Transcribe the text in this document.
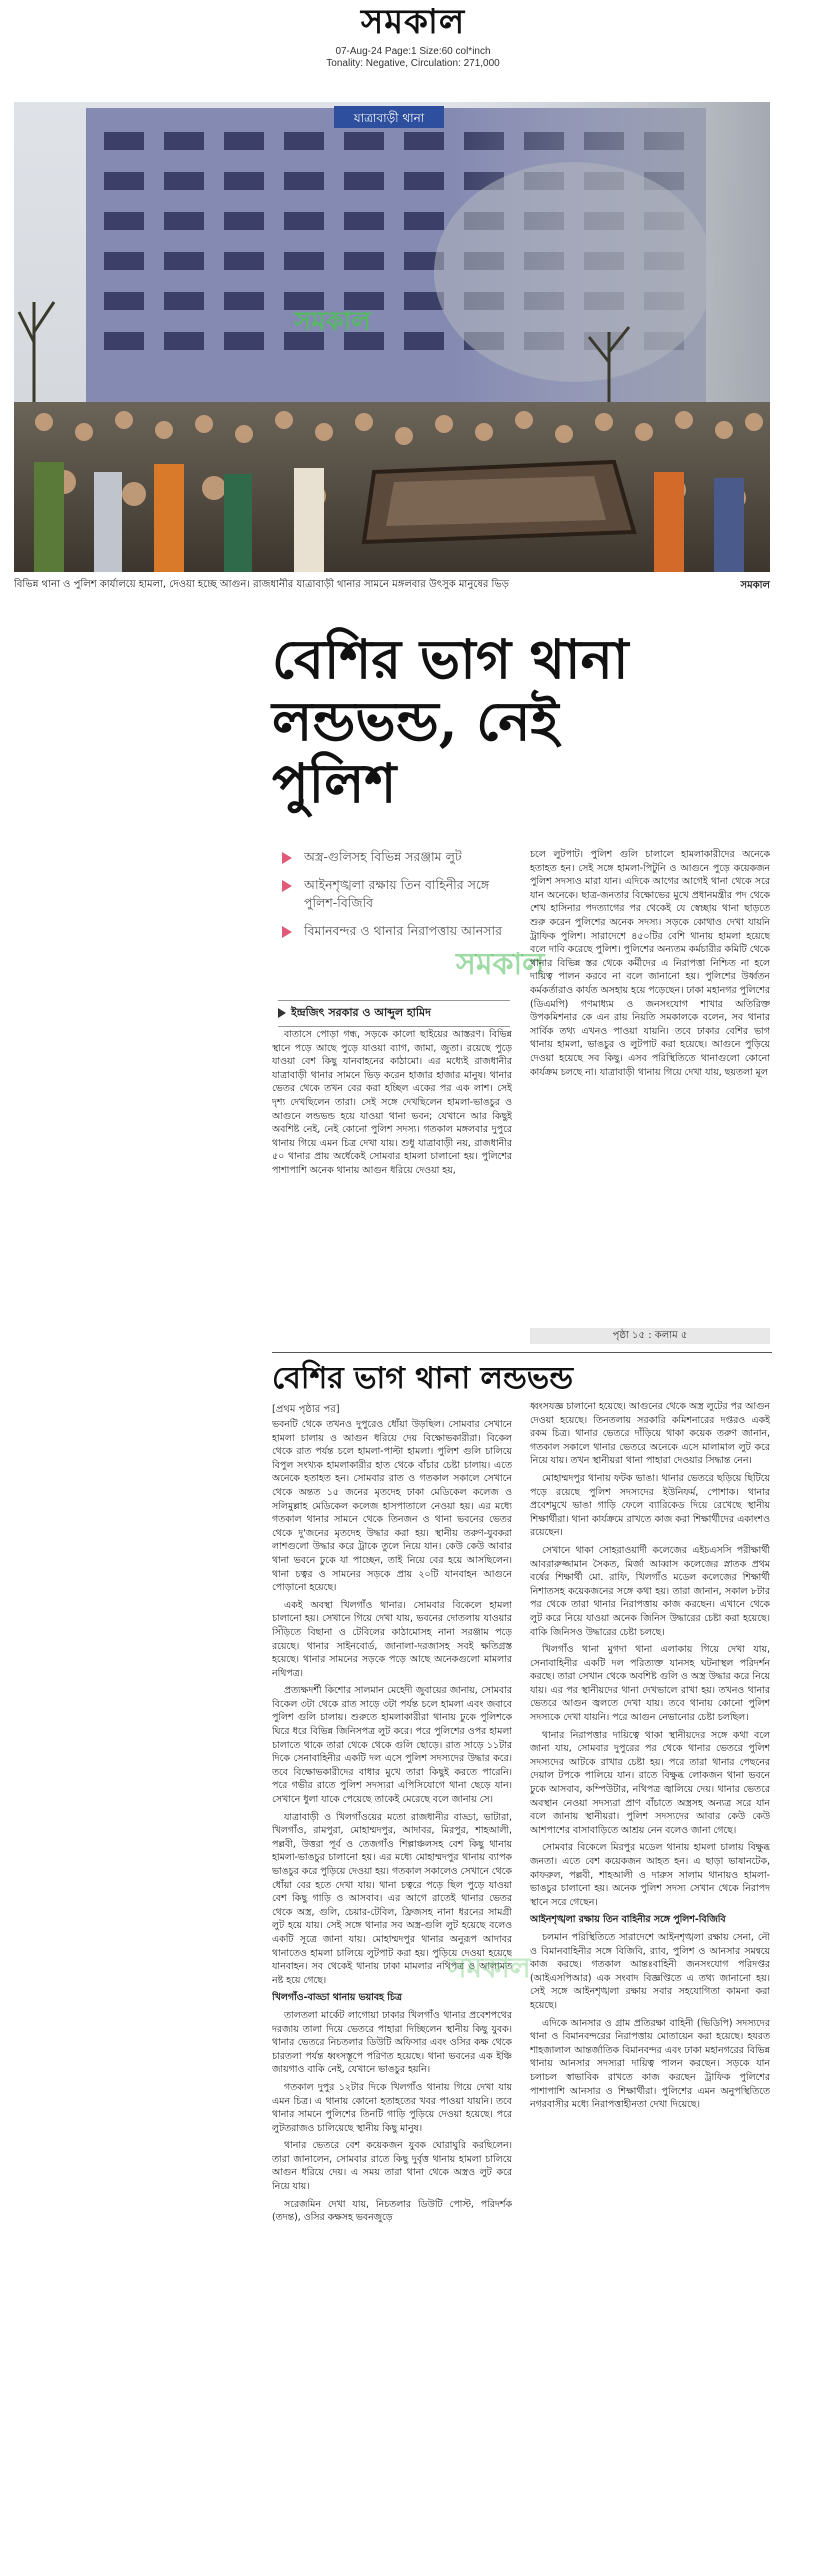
সমকাল
07-Aug-24 Page:1 Size:60 col*inch
Tonality: Negative, Circulation: 271,000
যাত্রাবাড়ী থানা
সমকাল
বিভিন্ন থানা ও পুলিশ কার্যালয়ে হামলা, দেওয়া হচ্ছে আগুন। রাজধানীর যাত্রাবাড়ী থানার সামনে মঙ্গলবার উৎসুক মানুষের ভিড়	সমকাল
বেশির ভাগ থানা লন্ডভন্ড, নেই পুলিশ
অস্ত্র-গুলিসহ বিভিন্ন সরঞ্জাম লুট
আইনশৃঙ্খলা রক্ষায় তিন বাহিনীর সঙ্গে পুলিশ-বিজিবি
বিমানবন্দর ও থানার নিরাপত্তায় আনসার
সমকাল
ইন্দ্রজিৎ সরকার ও আব্দুল হামিদ

বাতাসে পোড়া গন্ধ, সড়কে কালো ছাইয়ের আস্তরণ। বিভিন্ন স্থানে পড়ে আছে পুড়ে যাওয়া ব্যাগ, জামা, জুতা। রয়েছে পুড়ে যাওয়া বেশ কিছু যানবাহনের কাঠামো। এর মধ্যেই রাজধানীর যাত্রাবাড়ী থানার সামনে ভিড় করেন হাজার হাজার মানুষ। থানার ভেতর থেকে তখন বের করা হচ্ছিল একের পর এক লাশ। সেই দৃশ্য দেখছিলেন তারা। সেই সঙ্গে দেখছিলেন হামলা-ভাঙচুর ও আগুনে লন্ডভন্ড হয়ে যাওয়া থানা ভবন; যেখানে আর কিছুই অবশিষ্ট নেই, নেই কোনো পুলিশ সদস্য। গতকাল মঙ্গলবার দুপুরে থানায় গিয়ে এমন চিত্র দেখা যায়। শুধু যাত্রাবাড়ী নয়, রাজধানীর ৫০ থানার প্রায় অর্ধেকেই সোমবার হামলা চালানো হয়। পুলিশের পাশাপাশি অনেক থানায় আগুন ধরিয়ে দেওয়া হয়,

চলে লুটপাট। পুলিশ গুলি চালালে হামলাকারীদের অনেকে হতাহত হন। সেই সঙ্গে হামলা-পিটুনি ও আগুনে পুড়ে কয়েকজন পুলিশ সদস্যও মারা যান। এদিকে আগের আগেই থানা থেকে সরে যান অনেকে। ছাত্র-জনতার বিক্ষোভের মুখে প্রধানমন্ত্রীর পদ থেকে শেখ হাসিনার পদত্যাগের পর থেকেই যে স্বেচ্ছায় থানা ছাড়তে শুরু করেন পুলিশের অনেক সদস্য। সড়কে কোথাও দেখা যায়নি ট্রাফিক পুলিশ। সারাদেশে ৪৫০টির বেশি থানায় হামলা হয়েছে বলে দাবি করেছে পুলিশ। পুলিশের অন্যতম কর্মচারীর কমিটি থেকে থানার বিভিন্ন স্তর থেকে কর্মীদের এ নিরাপত্তা নিশ্চিত না হলে দায়িত্ব পালন করবে না বলে জানানো হয়। পুলিশের উর্ধ্বতন কর্মকর্তারাও কার্যত অসহায় হয়ে পড়েছেন। ঢাকা মহানগর পুলিশের (ডিএমপি) গণমাধ্যম ও জনসংযোগ শাখার অতিরিক্ত উপকমিশনার কে এন রায় নিয়তি সমকালকে বলেন, সব থানার সার্বিক তথ্য এখনও পাওয়া যায়নি। তবে ঢাকার বেশির ভাগ থানায় হামলা, ভাঙচুর ও লুটপাট করা হয়েছে। আগুনে পুড়িয়ে দেওয়া হয়েছে সব কিছু। এসব পরিস্থিতিতে থানাগুলো কোনো কার্যক্রম চলছে না। যাত্রাবাড়ী থানায় গিয়ে দেখা যায়, ছয়তলা মূল

পৃষ্ঠা ১৫ : কলাম ৫
বেশির ভাগ থানা লন্ডভন্ড
[প্রথম পৃষ্ঠার পর]

ভবনটি থেকে তখনও দুপুরেও ধোঁয়া উড়ছিল। সোমবার সেখানে হামলা চালায় ও আগুন ধরিয়ে দেয় বিক্ষোভকারীরা। বিকেল থেকে রাত পর্যন্ত চলে হামলা-পাল্টা হামলা। পুলিশ গুলি চালিয়ে বিপুল সংখ্যক হামলাকারীর হাত থেকে বাঁচার চেষ্টা চালায়। এতে অনেকে হতাহত হন। সোমবার রাত ও গতকাল সকালে সেখানে থেকে অন্তত ১৫ জনের মৃতদেহ ঢাকা মেডিকেল কলেজ ও সলিমুল্লাহ মেডিকেল কলেজ হাসপাতালে নেওয়া হয়। এর মধ্যে গতকাল থানার সামনে থেকে তিনজন ও থানা ভবনের ভেতর থেকে দু'জনের মৃতদেহ উদ্ধার করা হয়। স্থানীয় তরুণ-যুবকরা লাশগুলো উদ্ধার করে ট্রাকে তুলে নিয়ে যান। কেউ কেউ আবার থানা ভবনে ঢুকে যা পাচ্ছেন, তাই নিয়ে বের হয়ে আসছিলেন। থানা চত্বর ও সামনের সড়কে প্রায় ২০টি যানবাহন আগুনে পোড়ানো হয়েছে।

একই অবস্থা খিলগাঁও থানার। সোমবার বিকেলে হামলা চালানো হয়। সেখানে গিয়ে দেখা যায়, ভবনের দোতলায় যাওয়ার সিঁড়িতে বিছানা ও টেবিলের কাঠামোসহ নানা সরঞ্জাম পড়ে রয়েছে। থানার সাইনবোর্ড, জানালা-দরজাসহ সবই ক্ষতিগ্রস্ত হয়েছে। থানার সামনের সড়কে পড়ে আছে অনেকগুলো মামলার নথিপত্র।

প্রত্যক্ষদর্শী কিশোর সালমান মেহেদী জুবায়ের জানায়, সোমবার বিকেল ৩টা থেকে রাত সাড়ে ৩টা পর্যন্ত চলে হামলা এবং জবাবে পুলিশ গুলি চালায়। শুরুতে হামলাকারীরা থানায় ঢুকে পুলিশকে ঘিরে ধরে বিভিন্ন জিনিসপত্র লুট করে। পরে পুলিশের ওপর হামলা চালাতে থাকে তারা থেকে থেকে গুলি ছোড়ে। রাত সাড়ে ১১টার দিকে সেনাবাহিনীর একটি দল এসে পুলিশ সদস্যদের উদ্ধার করে। তবে বিক্ষোভকারীদের বাধার মুখে তারা কিছুই করতে পারেনি। পরে গভীর রাতে পুলিশ সদস্যরা এপিসিযোগে থানা ছেড়ে যান। সেখানে ধুলা যাকে পেয়েছে তাকেই মেরেছে বলে জানায় সে।

যাত্রাবাড়ী ও খিলগাঁওয়ের মতো রাজধানীর বাড্ডা, ভাটারা, খিলগাঁও, রামপুরা, মোহাম্মদপুর, আদাবর, মিরপুর, শাহআলী, পল্লবী, উত্তরা পূর্ব ও তেজগাঁও শিল্পাঞ্চলসহ বেশ কিছু থানায় হামলা-ভাঙচুর চালানো হয়। এর মধ্যে মোহাম্মদপুর থানায় ব্যাপক ভাঙচুর করে পুড়িয়ে দেওয়া হয়। গতকাল সকালেও সেখানে থেকে ধোঁয়া বের হতে দেখা যায়। থানা চত্বরে পড়ে ছিল পুড়ে যাওয়া বেশ কিছু গাড়ি ও আসবাব। এর আগে রাতেই থানার ভেতর থেকে অস্ত্র, গুলি, চেয়ার-টেবিল, ফ্রিজসহ নানা ধরনের সামগ্রী লুট হয়ে যায়। সেই সঙ্গে থানার সব অস্ত্র-গুলি লুট হয়েছে বলেও একটি সূত্রে জানা যায়। মোহাম্মদপুর থানার অনুরূপ আদাবর থানাতেও হামলা চালিয়ে লুটপাট করা হয়। পুড়িয়ে দেওয়া হয়েছে যানবাহন। সব থেকেই থানায় ঢাকা মামলার নথিপত্র ও আলামত নষ্ট হয়ে গেছে।

খিলগাঁও-বাড্ডা থানায় ভয়াবহ চিত্র

তালতলা মার্কেট লাগোয়া ঢাকার খিলগাঁও থানার প্রবেশপথের দরজায় তালা দিয়ে ভেতরে পাহারা দিচ্ছিলেন স্থানীয় কিছু যুবক। থানার ভেতরে নিচতলার ডিউটি অফিসার এবং ওসির কক্ষ থেকে চারতলা পর্যন্ত ধ্বংসস্তূপে পরিণত হয়েছে। থানা ভবনের এক ইঞ্চি জায়গাও বাকি নেই, যেখানে ভাঙচুর হয়নি।

গতকাল দুপুর ১২টার দিকে খিলগাঁও থানায় গিয়ে দেখা যায় এমন চিত্র। এ থানায় কোনো হতাহতের খবর পাওয়া যায়নি। তবে থানার সামনে পুলিশের তিনটি গাড়ি পুড়িয়ে দেওয়া হয়েছে। পরে লুটতরাজও চালিয়েছে স্থানীয় কিছু মানুষ।

থানার ভেতরে বেশ কয়েকজন যুবক ঘোরাঘুরি করছিলেন। তারা জানালেন, সোমবার রাতে কিছু দুর্বৃত্ত থানায় হামলা চালিয়ে আগুন ধরিয়ে দেয়। এ সময় তারা থানা থেকে অস্ত্রও লুট করে নিয়ে যায়।

সরেজমিন দেখা যায়, নিচতলার ডিউটি পোস্ট, পরিদর্শক (তদন্ত), ওসির কক্ষসহ ভবনজুড়ে

ধ্বংসযজ্ঞ চালানো হয়েছে। আগুনের থেকে অস্ত্র লুটের পর আগুন দেওয়া হয়েছে। তিনতলায় সরকারি কমিশনারের দপ্তরও একই রকম চিত্র। থানার ভেতরে দাঁড়িয়ে থাকা কয়েক তরুণ জানান, গতকাল সকালে থানার ভেতরে অনেকে এসে মালামাল লুট করে নিয়ে যায়। তখন স্থানীয়রা থানা পাহারা দেওয়ার সিদ্ধান্ত নেন।

মোহাম্মদপুর থানায় ফটক ভাঙা। থানার ভেতরে ছড়িয়ে ছিটিয়ে পড়ে রয়েছে পুলিশ সদস্যদের ইউনিফর্ম, পোশাক। থানার প্রবেশমুখে ভাঙা গাড়ি ফেলে ব্যারিকেড দিয়ে রেখেছে স্থানীয় শিক্ষার্থীরা। থানা কার্যক্রমে রাখতে কাজ করা শিক্ষার্থীদের একাংশও রয়েছেন।

সেখানে থাকা সোহরাওয়ার্দী কলেজের এইচএসসি পরীক্ষার্থী আবরারুজ্জামান সৈকত, মির্জা আব্বাস কলেজের স্নাতক প্রথম বর্ষের শিক্ষার্থী মো. রাফি, খিলগাঁও মডেল কলেজের শিক্ষার্থী নিশাতসহ কয়েকজনের সঙ্গে কথা হয়। তারা জানান, সকাল ৮টার পর থেকে তারা থানার নিরাপত্তায় কাজ করছেন। এখানে থেকে লুট করে নিয়ে যাওয়া অনেক জিনিস উদ্ধারের চেষ্টা করা হয়েছে। বাকি জিনিসও উদ্ধারের চেষ্টা চলছে।

খিলগাঁও থানা মুগদা থানা এলাকায় গিয়ে দেখা যায়, সেনাবাহিনীর একটি দল পরিত্যক্ত যানসহ ঘটনাস্থল পরিদর্শন করছে। তারা সেখান থেকে অবশিষ্ট গুলি ও অস্ত্র উদ্ধার করে নিয়ে যায়। এর পর স্থানীয়দের থানা দেখভালে রাখা হয়। তখনও থানার ভেতরে আগুন জ্বলতে দেখা যায়। তবে থানায় কোনো পুলিশ সদস্যকে দেখা যায়নি। পরে আগুন নেভানোর চেষ্টা চলছিল।

থানার নিরাপত্তার দায়িত্বে থাকা স্থানীয়দের সঙ্গে কথা বলে জানা যায়, সোমবার দুপুরের পর থেকে থানার ভেতরে পুলিশ সদস্যদের আটকে রাখার চেষ্টা হয়। পরে তারা থানার পেছনের দেয়াল টপকে পালিয়ে যান। রাতে বিক্ষুব্ধ লোকজন থানা ভবনে ঢুকে আসবাব, কম্পিউটার, নথিপত্র জ্বালিয়ে দেয়। থানার ভেতরে অবস্থান নেওয়া সদস্যরা প্রাণ বাঁচাতে অস্ত্রসহ অন্যত্র সরে যান বলে জানায় স্থানীয়রা। পুলিশ সদস্যদের আবার কেউ কেউ আশপাশের বাসাবাড়িতে আশ্রয় নেন বলেও জানা গেছে।

সোমবার বিকেলে মিরপুর মডেল থানায় হামলা চালায় বিক্ষুব্ধ জনতা। এতে বেশ কয়েকজন আহত হন। এ ছাড়া ভাষানটেক, কাফরুল, পল্লবী, শাহআলী ও দারুস সালাম থানায়ও হামলা-ভাঙচুর চালানো হয়। অনেক পুলিশ সদস্য সেখান থেকে নিরাপদ স্থানে সরে গেছেন।

আইনশৃঙ্খলা রক্ষায় তিন বাহিনীর সঙ্গে পুলিশ-বিজিবি

চলমান পরিস্থিতিতে সারাদেশে আইনশৃঙ্খলা রক্ষায় সেনা, নৌ ও বিমানবাহিনীর সঙ্গে বিজিবি, র‍্যাব, পুলিশ ও আনসার সমন্বয়ে কাজ করছে। গতকাল আন্তঃবাহিনী জনসংযোগ পরিদপ্তর (আইএসপিআর) এক সংবাদ বিজ্ঞপ্তিতে এ তথ্য জানানো হয়। সেই সঙ্গে আইনশৃঙ্খলা রক্ষায় সবার সহযোগিতা কামনা করা হয়েছে।

এদিকে আনসার ও গ্রাম প্রতিরক্ষা বাহিনী (ভিডিপি) সদস্যদের থানা ও বিমানবন্দরের নিরাপত্তায় মোতায়েন করা হয়েছে। হযরত শাহজালাল আন্তর্জাতিক বিমানবন্দর এবং ঢাকা মহানগরের বিভিন্ন থানায় আনসার সদস্যরা দায়িত্ব পালন করছেন। সড়কে যান চলাচল স্বাভাবিক রাখতে কাজ করছেন ট্রাফিক পুলিশের পাশাপাশি আনসার ও শিক্ষার্থীরা। পুলিশের এমন অনুপস্থিতিতে নগরবাসীর মধ্যে নিরাপত্তাহীনতা দেখা দিয়েছে।

সমকাল
